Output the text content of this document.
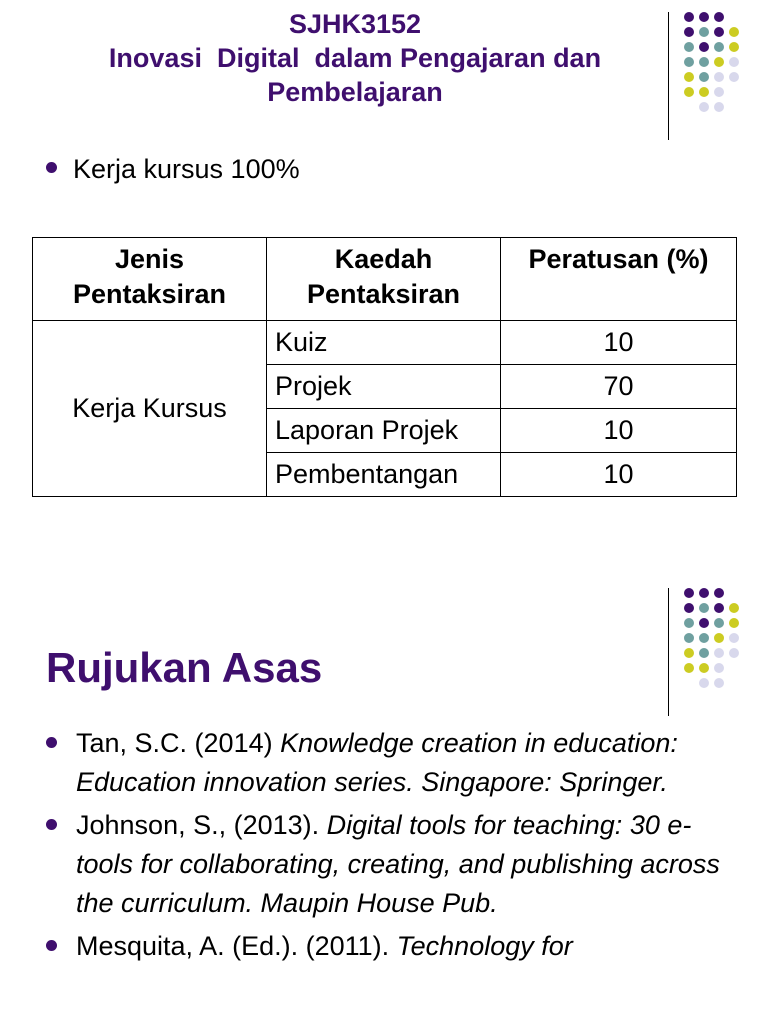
SJHK3152
Inovasi  Digital  dalam Pengajaran dan
Pembelajaran
Kerja kursus 100%
Jenis Pentaksiran	Kaedah Pentaksiran	Peratusan (%)
Kerja Kursus	Kuiz	10
	Projek	70
	Laporan Projek	10
	Pembentangan	10
Rujukan Asas
Tan, S.C. (2014) Knowledge creation in education: Education innovation series. Singapore: Springer.
Johnson, S., (2013). Digital tools for teaching: 30 e-tools for collaborating, creating, and publishing across the curriculum. Maupin House Pub.
Mesquita, A. (Ed.). (2011). Technology for
